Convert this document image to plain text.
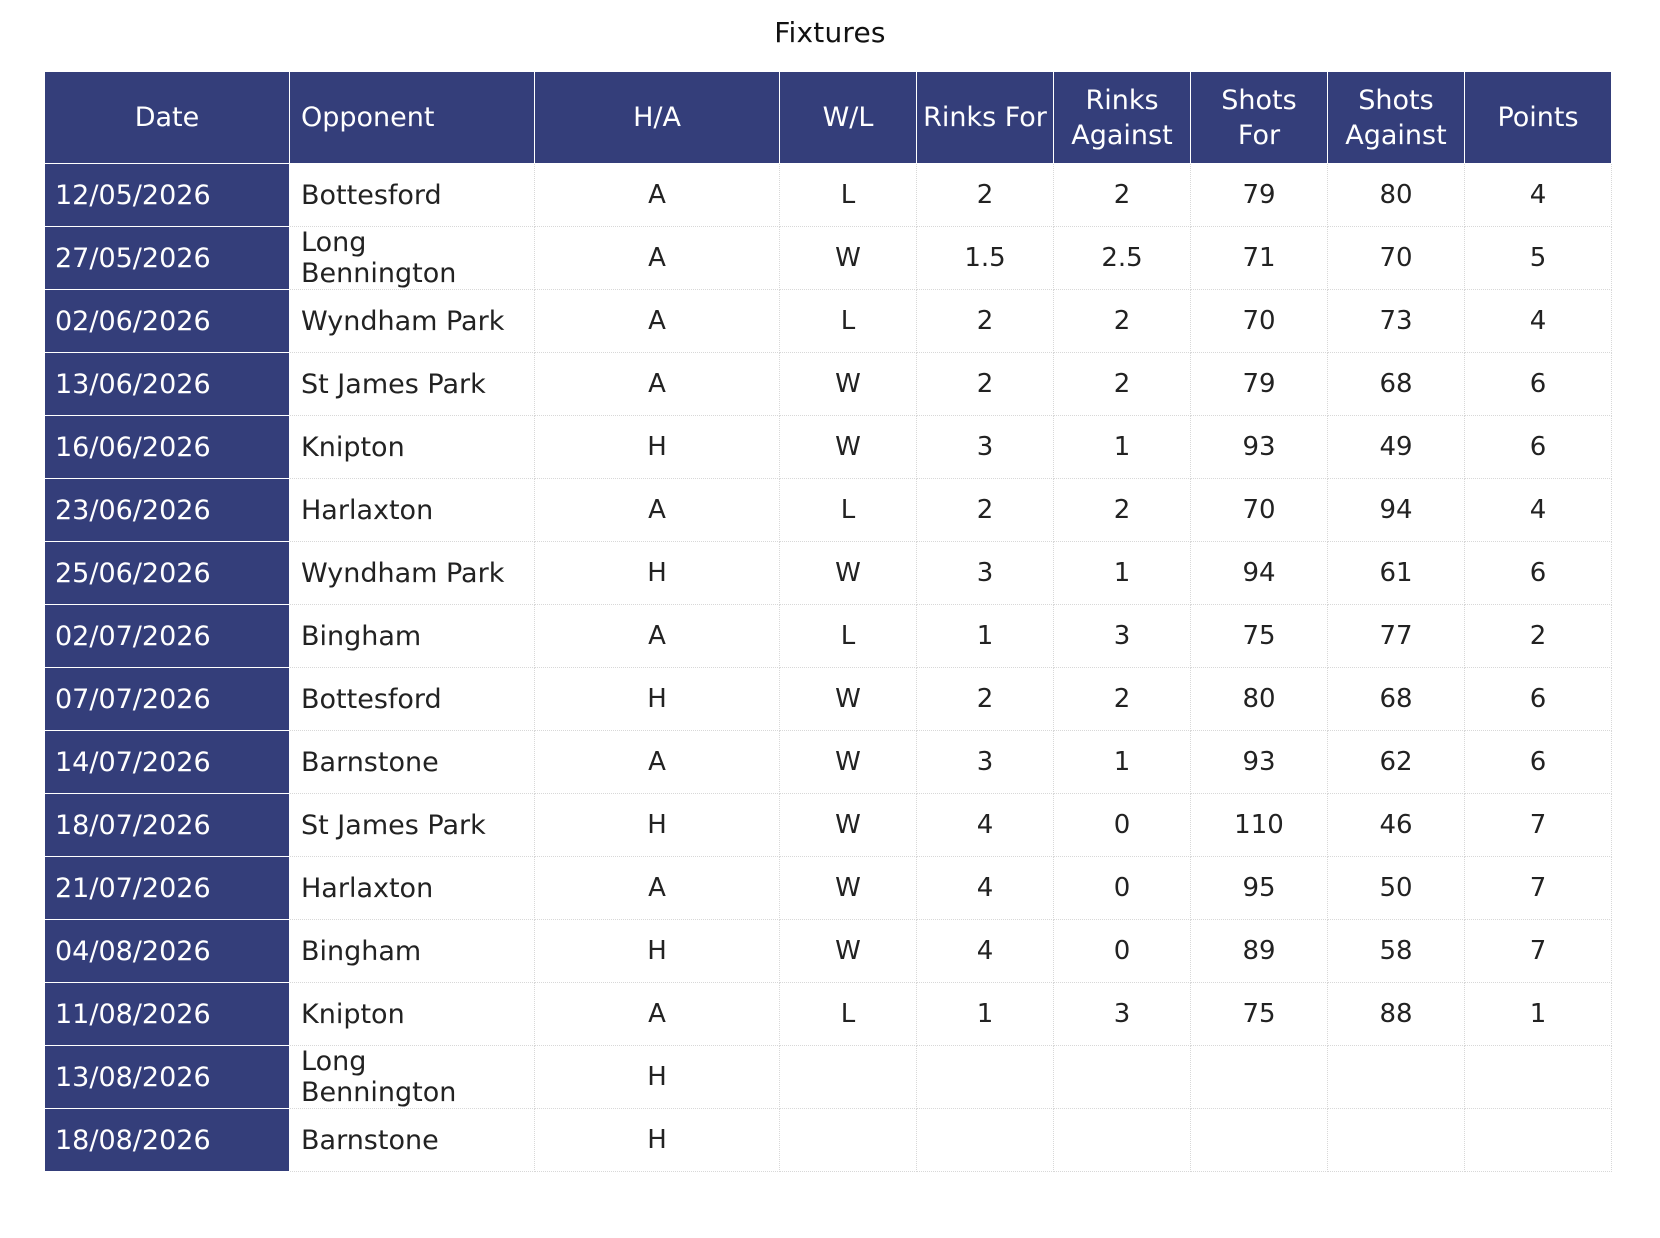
Fixtures
Date	Opponent	H/A	W/L	Rinks For	Rinks Against	Shots For	Shots Against	Points
12/05/2026	Bottesford	A	L	2	2	79	80	4
27/05/2026	Long Bennington	A	W	1.5	2.5	71	70	5
02/06/2026	Wyndham Park	A	L	2	2	70	73	4
13/06/2026	St James Park	A	W	2	2	79	68	6
16/06/2026	Knipton	H	W	3	1	93	49	6
23/06/2026	Harlaxton	A	L	2	2	70	94	4
25/06/2026	Wyndham Park	H	W	3	1	94	61	6
02/07/2026	Bingham	A	L	1	3	75	77	2
07/07/2026	Bottesford	H	W	2	2	80	68	6
14/07/2026	Barnstone	A	W	3	1	93	62	6
18/07/2026	St James Park	H	W	4	0	110	46	7
21/07/2026	Harlaxton	A	W	4	0	95	50	7
04/08/2026	Bingham	H	W	4	0	89	58	7
11/08/2026	Knipton	A	L	1	3	75	88	1
13/08/2026	Long Bennington	H						
18/08/2026	Barnstone	H						
